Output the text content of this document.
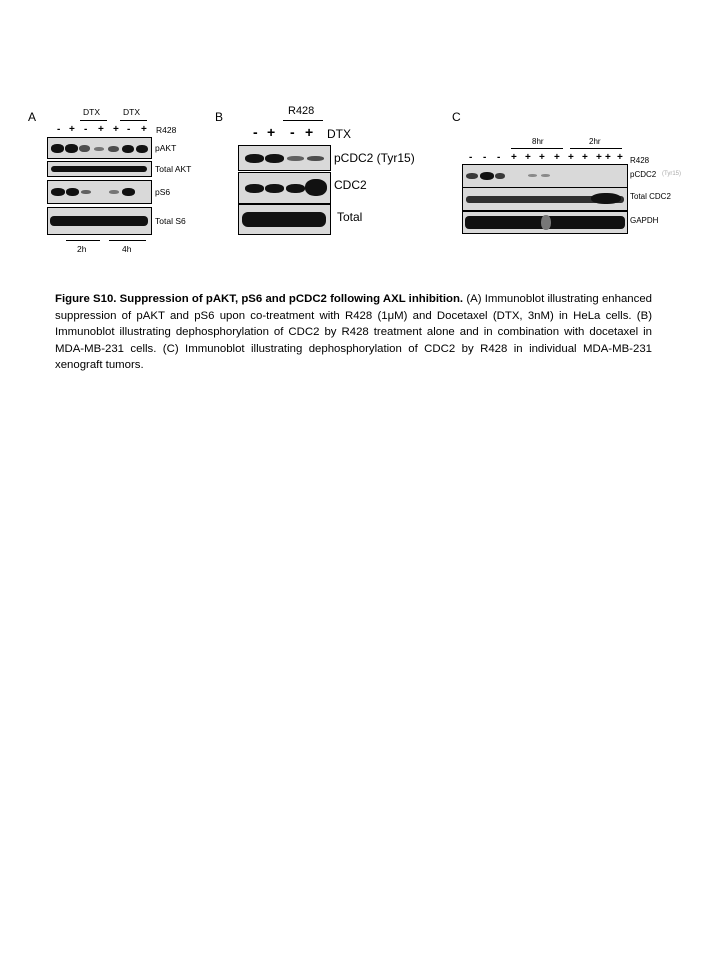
A	B	C
DTX	DTX
- + - + + - + R428
pAKT
Total AKT
pS6
Total S6
2h	4h
R428
- + - + DTX
pCDC2 (Tyr15)
CDC2
Total
8hr	2hr
- - - + + + + + + + + + R428
pCDC2 (Tyr15)
Total CDC2
GAPDH
Figure S10. Suppression of pAKT, pS6 and pCDC2 following AXL inhibition. (A) Immunoblot illustrating enhanced suppression of pAKT and pS6 upon co-treatment with R428 (1μM) and Docetaxel (DTX, 3nM) in HeLa cells. (B) Immunoblot illustrating dephosphorylation of CDC2 by R428 treatment alone and in combination with docetaxel in MDA-MB-231 cells. (C) Immunoblot illustrating dephosphorylation of CDC2 by R428 in individual MDA-MB-231 xenograft tumors.
